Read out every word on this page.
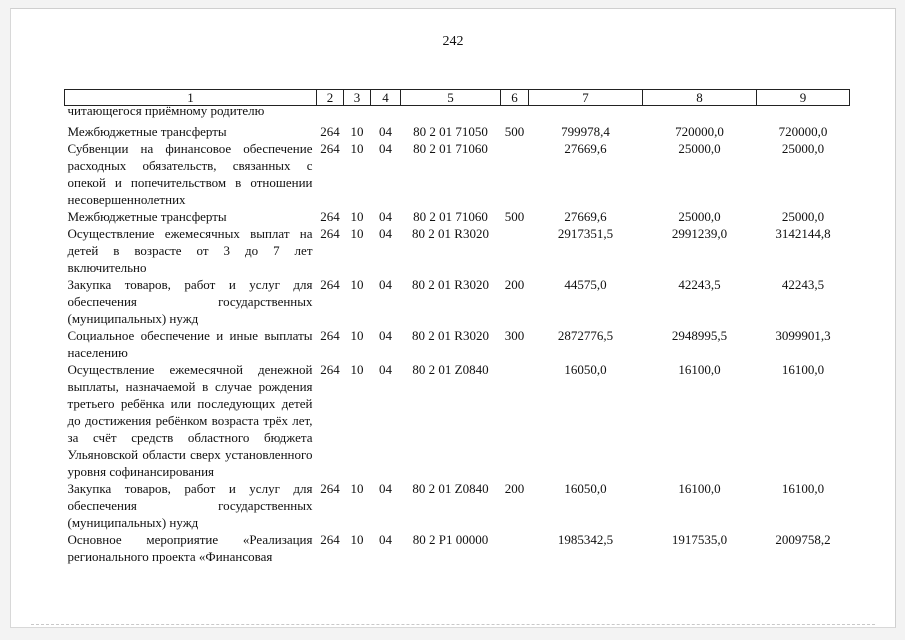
242
1	2	3	4	5	6	7	8	9

читающегося приёмному родителю								

Межбюджетные трансферты	264	10	04	80 2 01 71050	500	799978,4	720000,0	720000,0
Субвенции на финансовое обеспечение расходных обязательств, связанных с опекой и попечительством в отношении несовершеннолетних	264	10	04	80 2 01 71060		27669,6	25000,0	25000,0
Межбюджетные трансферты	264	10	04	80 2 01 71060	500	27669,6	25000,0	25000,0
Осуществление ежемесячных выплат на детей в возрасте от 3 до 7 лет включительно	264	10	04	80 2 01 R3020		2917351,5	2991239,0	3142144,8
Закупка товаров, работ и услуг для обеспечения государственных (муниципальных) нужд	264	10	04	80 2 01 R3020	200	44575,0	42243,5	42243,5
Социальное обеспечение и иные выплаты населению	264	10	04	80 2 01 R3020	300	2872776,5	2948995,5	3099901,3
Осуществление ежемесячной денежной выплаты, назначаемой в случае рождения третьего ребёнка или последующих детей до достижения ребёнком возраста трёх лет, за счёт средств областного бюджета Ульяновской области сверх установленного уровня софинансирования	264	10	04	80 2 01 Z0840		16050,0	16100,0	16100,0
Закупка товаров, работ и услуг для обеспечения государственных (муниципальных) нужд	264	10	04	80 2 01 Z0840	200	16050,0	16100,0	16100,0
Основное мероприятие «Реализация регионального проекта «Финансовая	264	10	04	80 2 P1 00000		1985342,5	1917535,0	2009758,2
